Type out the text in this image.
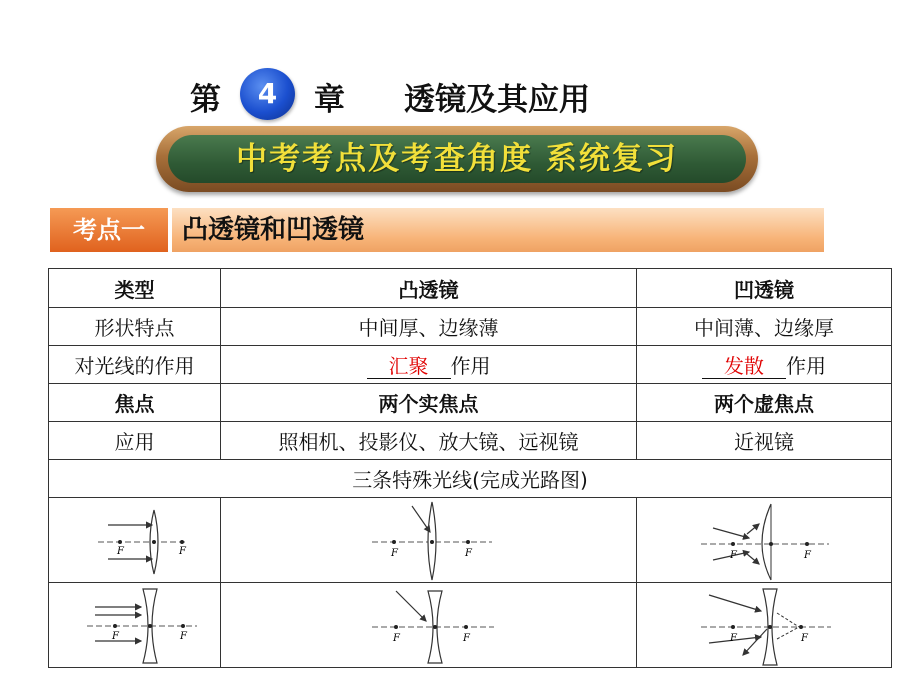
第	4	章 透镜及其应用
中考考点及考查角度 系统复习
考点一	凸透镜和凹透镜
类型	凸透镜	凹透镜
形状特点	中间厚、边缘薄	中间薄、边缘厚
对光线的作用	汇聚 作用	发散 作用
焦点	两个实焦点	两个虚焦点
应用	照相机、投影仪、放大镜、远视镜	近视镜
三条特殊光线(完成光路图)		

F F	F F	F F

F F	F F	F F
